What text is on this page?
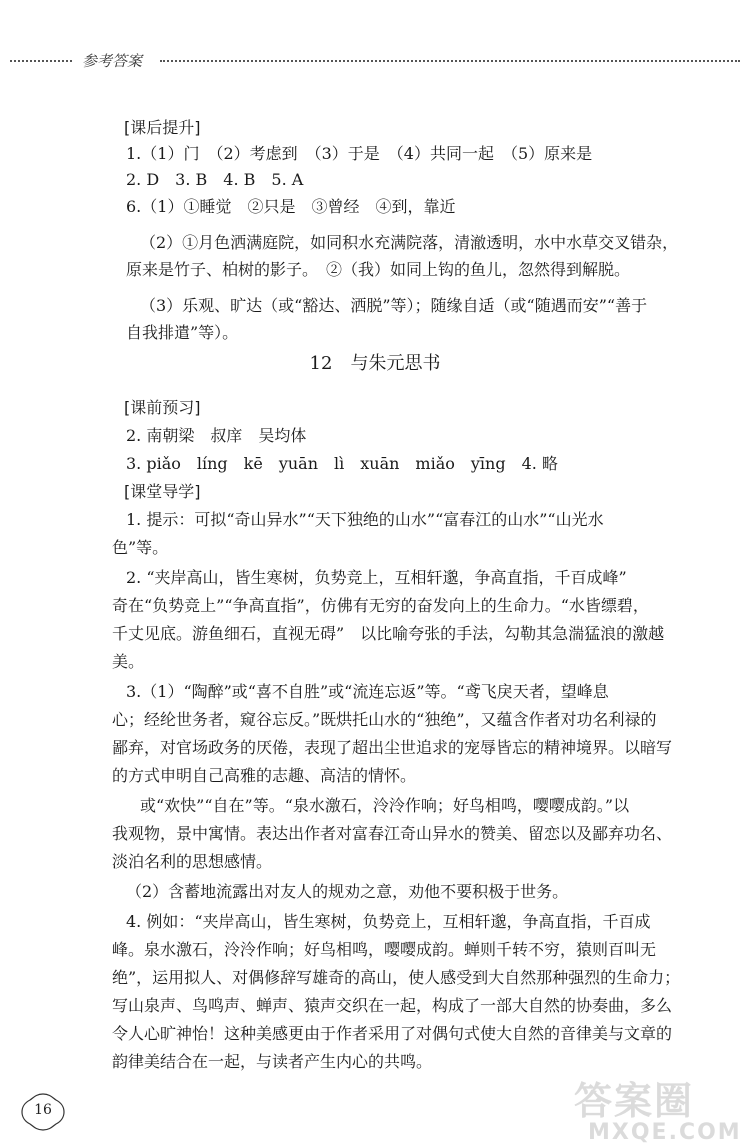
参考答案

[课后提升]

1.（1）门　（2）考虑到　（3）于是　（4）共同一起　（5）原来是

2. D　3. B　4. B　5. A

6.（1）①睡觉　②只是　③曾经　④到，靠近

（2）①月色洒满庭院，如同积水充满院落，清澈透明，水中水草交叉错杂，

原来是竹子、柏树的影子。　②（我）如同上钩的鱼儿，忽然得到解脱。

（3）乐观、旷达（或“豁达、洒脱”等）；随缘自适（或“随遇而安”“善于

自我排遣”等）。

12　与朱元思书

[课前预习]

2. 南朝梁　叔庠　吴均体

3. piǎo　líng　kē　yuān　lì　xuān　miǎo　yīng　4. 略

[课堂导学]

1. 提示：可拟“奇山异水”“天下独绝的山水”“富春江的山水”“山光水

色”等。

2. “夹岸高山，皆生寒树，负势竞上，互相轩邈，争高直指，千百成峰”

奇在“负势竞上”“争高直指”，仿佛有无穷的奋发向上的生命力。“水皆缥碧，

千丈见底。游鱼细石，直视无碍”　以比喻夸张的手法，勾勒其急湍猛浪的激越

美。

3.（1）“陶醉”或“喜不自胜”或“流连忘返”等。“鸢飞戾天者，望峰息

心；经纶世务者，窥谷忘反。”既烘托山水的“独绝”，又蕴含作者对功名利禄的

鄙弃，对官场政务的厌倦，表现了超出尘世追求的宠辱皆忘的精神境界。以暗写

的方式申明自己高雅的志趣、高洁的情怀。

或“欢快”“自在”等。“泉水激石，泠泠作响；好鸟相鸣，嘤嘤成韵。”以

我观物，景中寓情。表达出作者对富春江奇山异水的赞美、留恋以及鄙弃功名、

淡泊名利的思想感情。

（2）含蓄地流露出对友人的规劝之意，劝他不要积极于世务。

4. 例如：“夹岸高山，皆生寒树，负势竞上，互相轩邈，争高直指，千百成

峰。泉水激石，泠泠作响；好鸟相鸣，嘤嘤成韵。蝉则千转不穷，猿则百叫无

绝”，运用拟人、对偶修辞写雄奇的高山，使人感受到大自然那种强烈的生命力；

写山泉声、鸟鸣声、蝉声、猿声交织在一起，构成了一部大自然的协奏曲，多么

令人心旷神怡！这种美感更由于作者采用了对偶句式使大自然的音律美与文章的

韵律美结合在一起，与读者产生内心的共鸣。

16	答案圈
MXQE.COM
